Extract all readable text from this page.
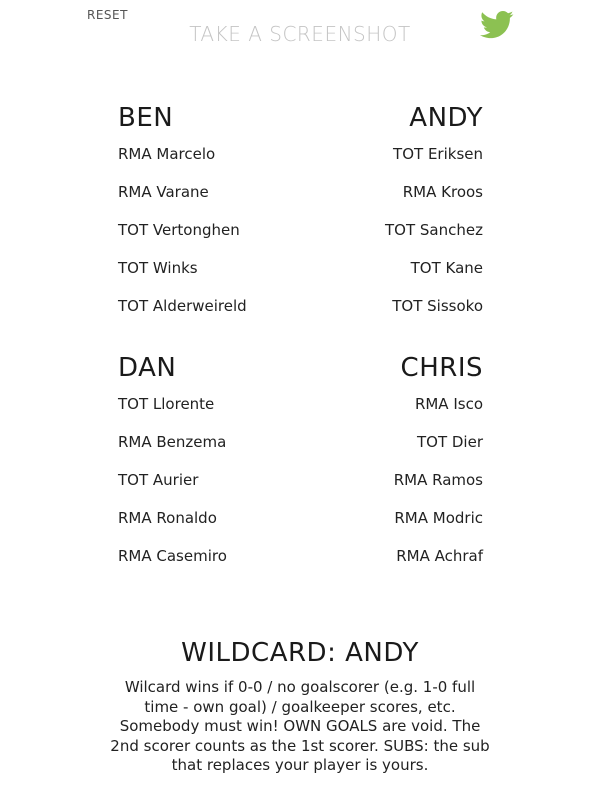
RESET
TAKE A SCREENSHOT
BEN
RMA Marcelo
RMA Varane
TOT Vertonghen
TOT Winks
TOT Alderweireld
ANDY
TOT Eriksen
RMA Kroos
TOT Sanchez
TOT Kane
TOT Sissoko
DAN
TOT Llorente
RMA Benzema
TOT Aurier
RMA Ronaldo
RMA Casemiro
CHRIS
RMA Isco
TOT Dier
RMA Ramos
RMA Modric
RMA Achraf
WILDCARD: ANDY
Wilcard wins if 0-0 / no goalscorer (e.g. 1-0 full time - own goal) / goalkeeper scores, etc. Somebody must win! OWN GOALS are void. The 2nd scorer counts as the 1st scorer. SUBS: the sub that replaces your player is yours.
